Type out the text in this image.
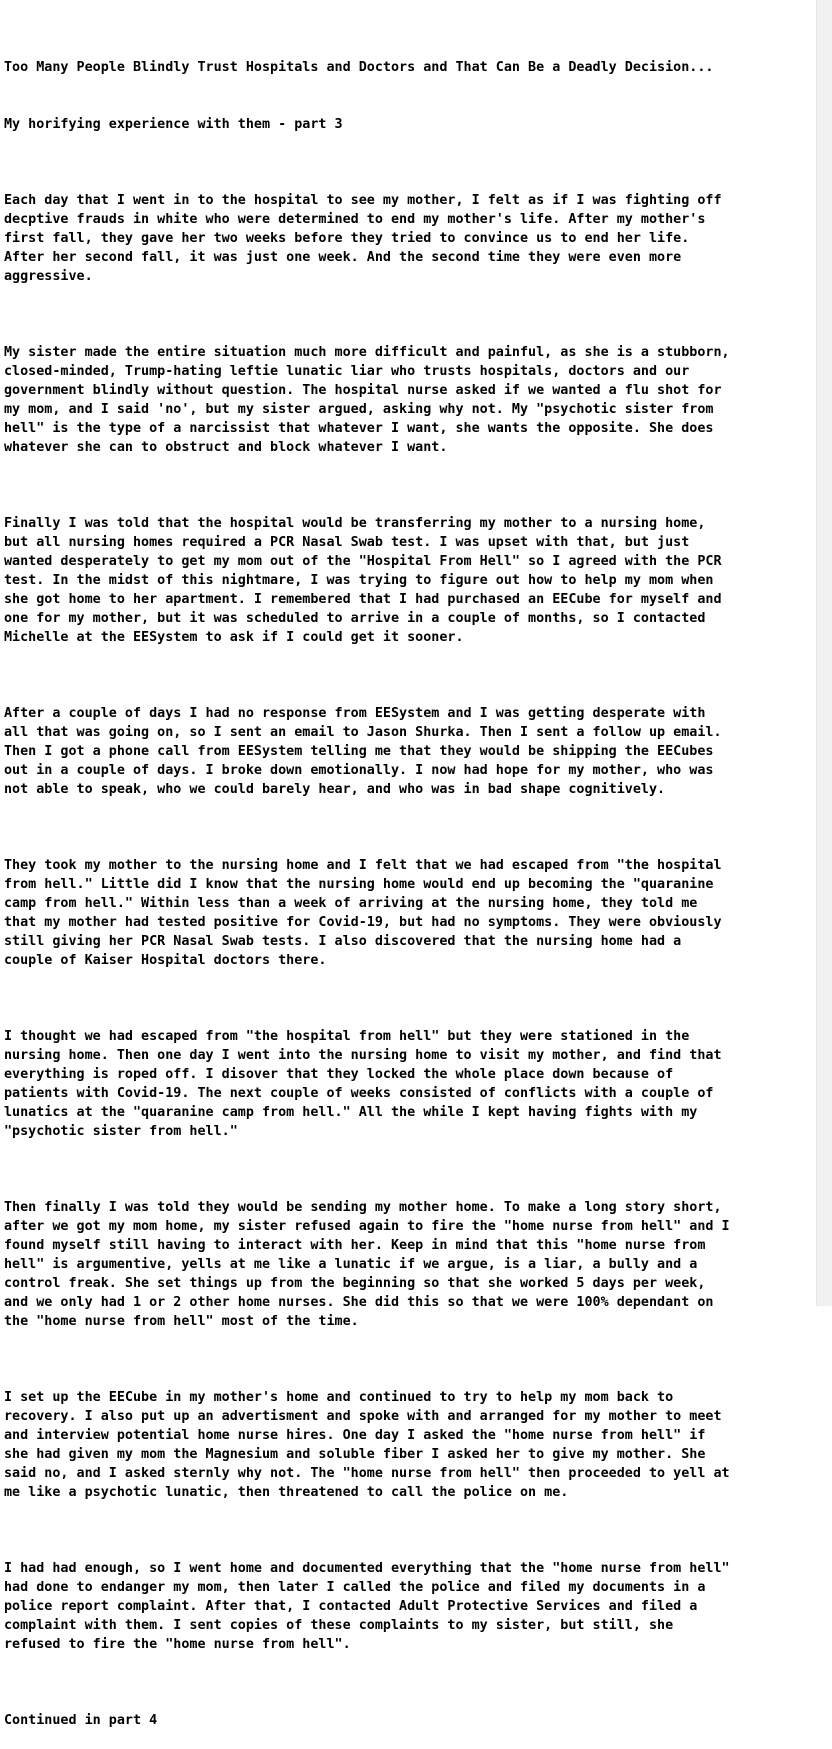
Too Many People Blindly Trust Hospitals and Doctors and That Can Be a Deadly Decision...

My horifying experience with them - part 3

Each day that I went in to the hospital to see my mother, I felt as if I was fighting off
decptive frauds in white who were determined to end my mother's life. After my mother's
first fall, they gave her two weeks before they tried to convince us to end her life.
After her second fall, it was just one week. And the second time they were even more
aggressive.

My sister made the entire situation much more difficult and painful, as she is a stubborn,
closed-minded, Trump-hating leftie lunatic liar who trusts hospitals, doctors and our
government blindly without question. The hospital nurse asked if we wanted a flu shot for
my mom, and I said 'no', but my sister argued, asking why not. My "psychotic sister from
hell" is the type of a narcissist that whatever I want, she wants the opposite. She does
whatever she can to obstruct and block whatever I want.

Finally I was told that the hospital would be transferring my mother to a nursing home,
but all nursing homes required a PCR Nasal Swab test. I was upset with that, but just
wanted desperately to get my mom out of the "Hospital From Hell" so I agreed with the PCR
test. In the midst of this nightmare, I was trying to figure out how to help my mom when
she got home to her apartment. I remembered that I had purchased an EECube for myself and
one for my mother, but it was scheduled to arrive in a couple of months, so I contacted
Michelle at the EESystem to ask if I could get it sooner.

After a couple of days I had no response from EESystem and I was getting desperate with
all that was going on, so I sent an email to Jason Shurka. Then I sent a follow up email.
Then I got a phone call from EESystem telling me that they would be shipping the EECubes
out in a couple of days. I broke down emotionally. I now had hope for my mother, who was
not able to speak, who we could barely hear, and who was in bad shape cognitively.

They took my mother to the nursing home and I felt that we had escaped from "the hospital
from hell." Little did I know that the nursing home would end up becoming the "quaranine
camp from hell." Within less than a week of arriving at the nursing home, they told me
that my mother had tested positive for Covid-19, but had no symptoms. They were obviously
still giving her PCR Nasal Swab tests. I also discovered that the nursing home had a
couple of Kaiser Hospital doctors there.

I thought we had escaped from "the hospital from hell" but they were stationed in the
nursing home. Then one day I went into the nursing home to visit my mother, and find that
everything is roped off. I disover that they locked the whole place down because of
patients with Covid-19. The next couple of weeks consisted of conflicts with a couple of
lunatics at the "quaranine camp from hell." All the while I kept having fights with my
"psychotic sister from hell."

Then finally I was told they would be sending my mother home. To make a long story short,
after we got my mom home, my sister refused again to fire the "home nurse from hell" and I
found myself still having to interact with her. Keep in mind that this "home nurse from
hell" is argumentive, yells at me like a lunatic if we argue, is a liar, a bully and a
control freak. She set things up from the beginning so that she worked 5 days per week,
and we only had 1 or 2 other home nurses. She did this so that we were 100% dependant on
the "home nurse from hell" most of the time.

I set up the EECube in my mother's home and continued to try to help my mom back to
recovery. I also put up an advertisment and spoke with and arranged for my mother to meet
and interview potential home nurse hires. One day I asked the "home nurse from hell" if
she had given my mom the Magnesium and soluble fiber I asked her to give my mother. She
said no, and I asked sternly why not. The "home nurse from hell" then proceeded to yell at
me like a psychotic lunatic, then threatened to call the police on me.

I had had enough, so I went home and documented everything that the "home nurse from hell"
had done to endanger my mom, then later I called the police and filed my documents in a
police report complaint. After that, I contacted Adult Protective Services and filed a
complaint with them. I sent copies of these complaints to my sister, but still, she
refused to fire the "home nurse from hell".

Continued in part 4
